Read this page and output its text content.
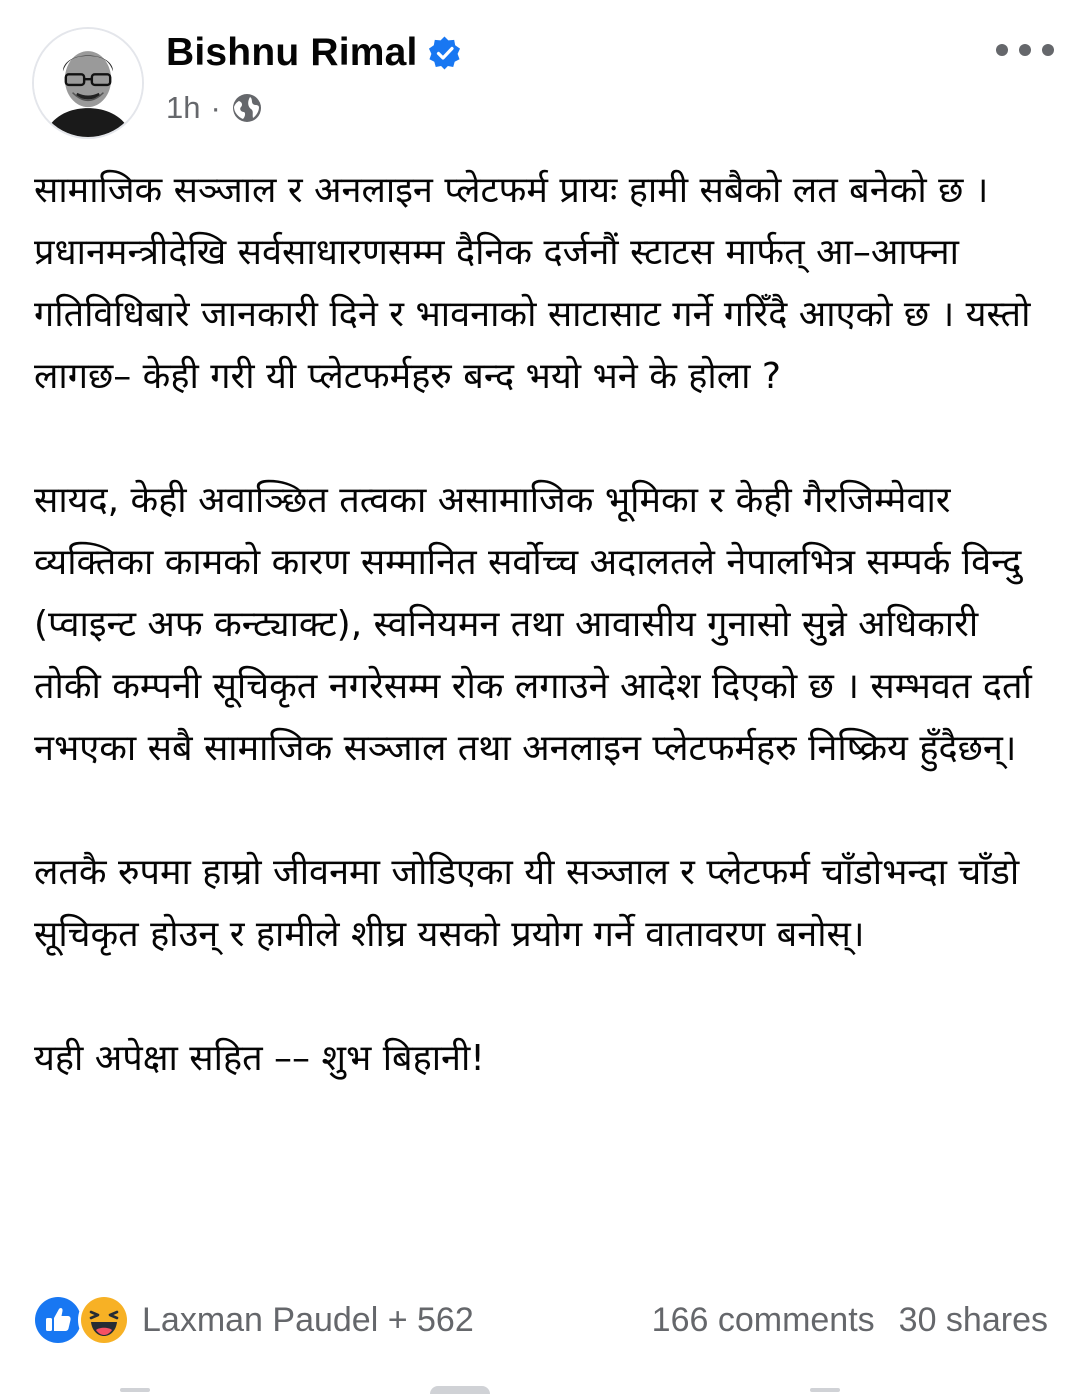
Bishnu Rimal
1h ·

सामाजिक सञ्जाल र अनलाइन प्लेटफर्म प्रायः हामी सबैको लत बनेको छ । प्रधानमन्त्रीदेखि सर्वसाधारणसम्म दैनिक दर्जनौं स्टाटस मार्फत् आ–आफ्ना गतिविधिबारे जानकारी दिने र भावनाको साटासाट गर्ने गरिँदै आएको छ । यस्तो लागछ– केही गरी यी प्लेटफर्महरु बन्द भयो भने के होला ?

सायद, केही अवाञ्छित तत्वका असामाजिक भूमिका र केही गैरजिम्मेवार व्यक्तिका कामको कारण सम्मानित सर्वोच्च अदालतले नेपालभित्र सम्पर्क विन्दु (प्वाइन्ट अफ कन्ट्याक्ट), स्वनियमन तथा आवासीय गुनासो सुन्ने अधिकारी तोकी कम्पनी सूचिकृत नगरेसम्म रोक लगाउने आदेश दिएको छ । सम्भवत दर्ता नभएका सबै सामाजिक सञ्जाल तथा अनलाइन प्लेटफर्महरु निष्क्रिय हुँदैछन्।

लतकै रुपमा हाम्रो जीवनमा जोडिएका यी सञ्जाल र प्लेटफर्म चाँडोभन्दा चाँडो सूचिकृत होउन् र हामीले शीघ्र यसको प्रयोग गर्ने वातावरण बनोस्।

यही अपेक्षा सहित –– शुभ बिहानी!

Laxman Paudel + 562	166 comments 30 shares
